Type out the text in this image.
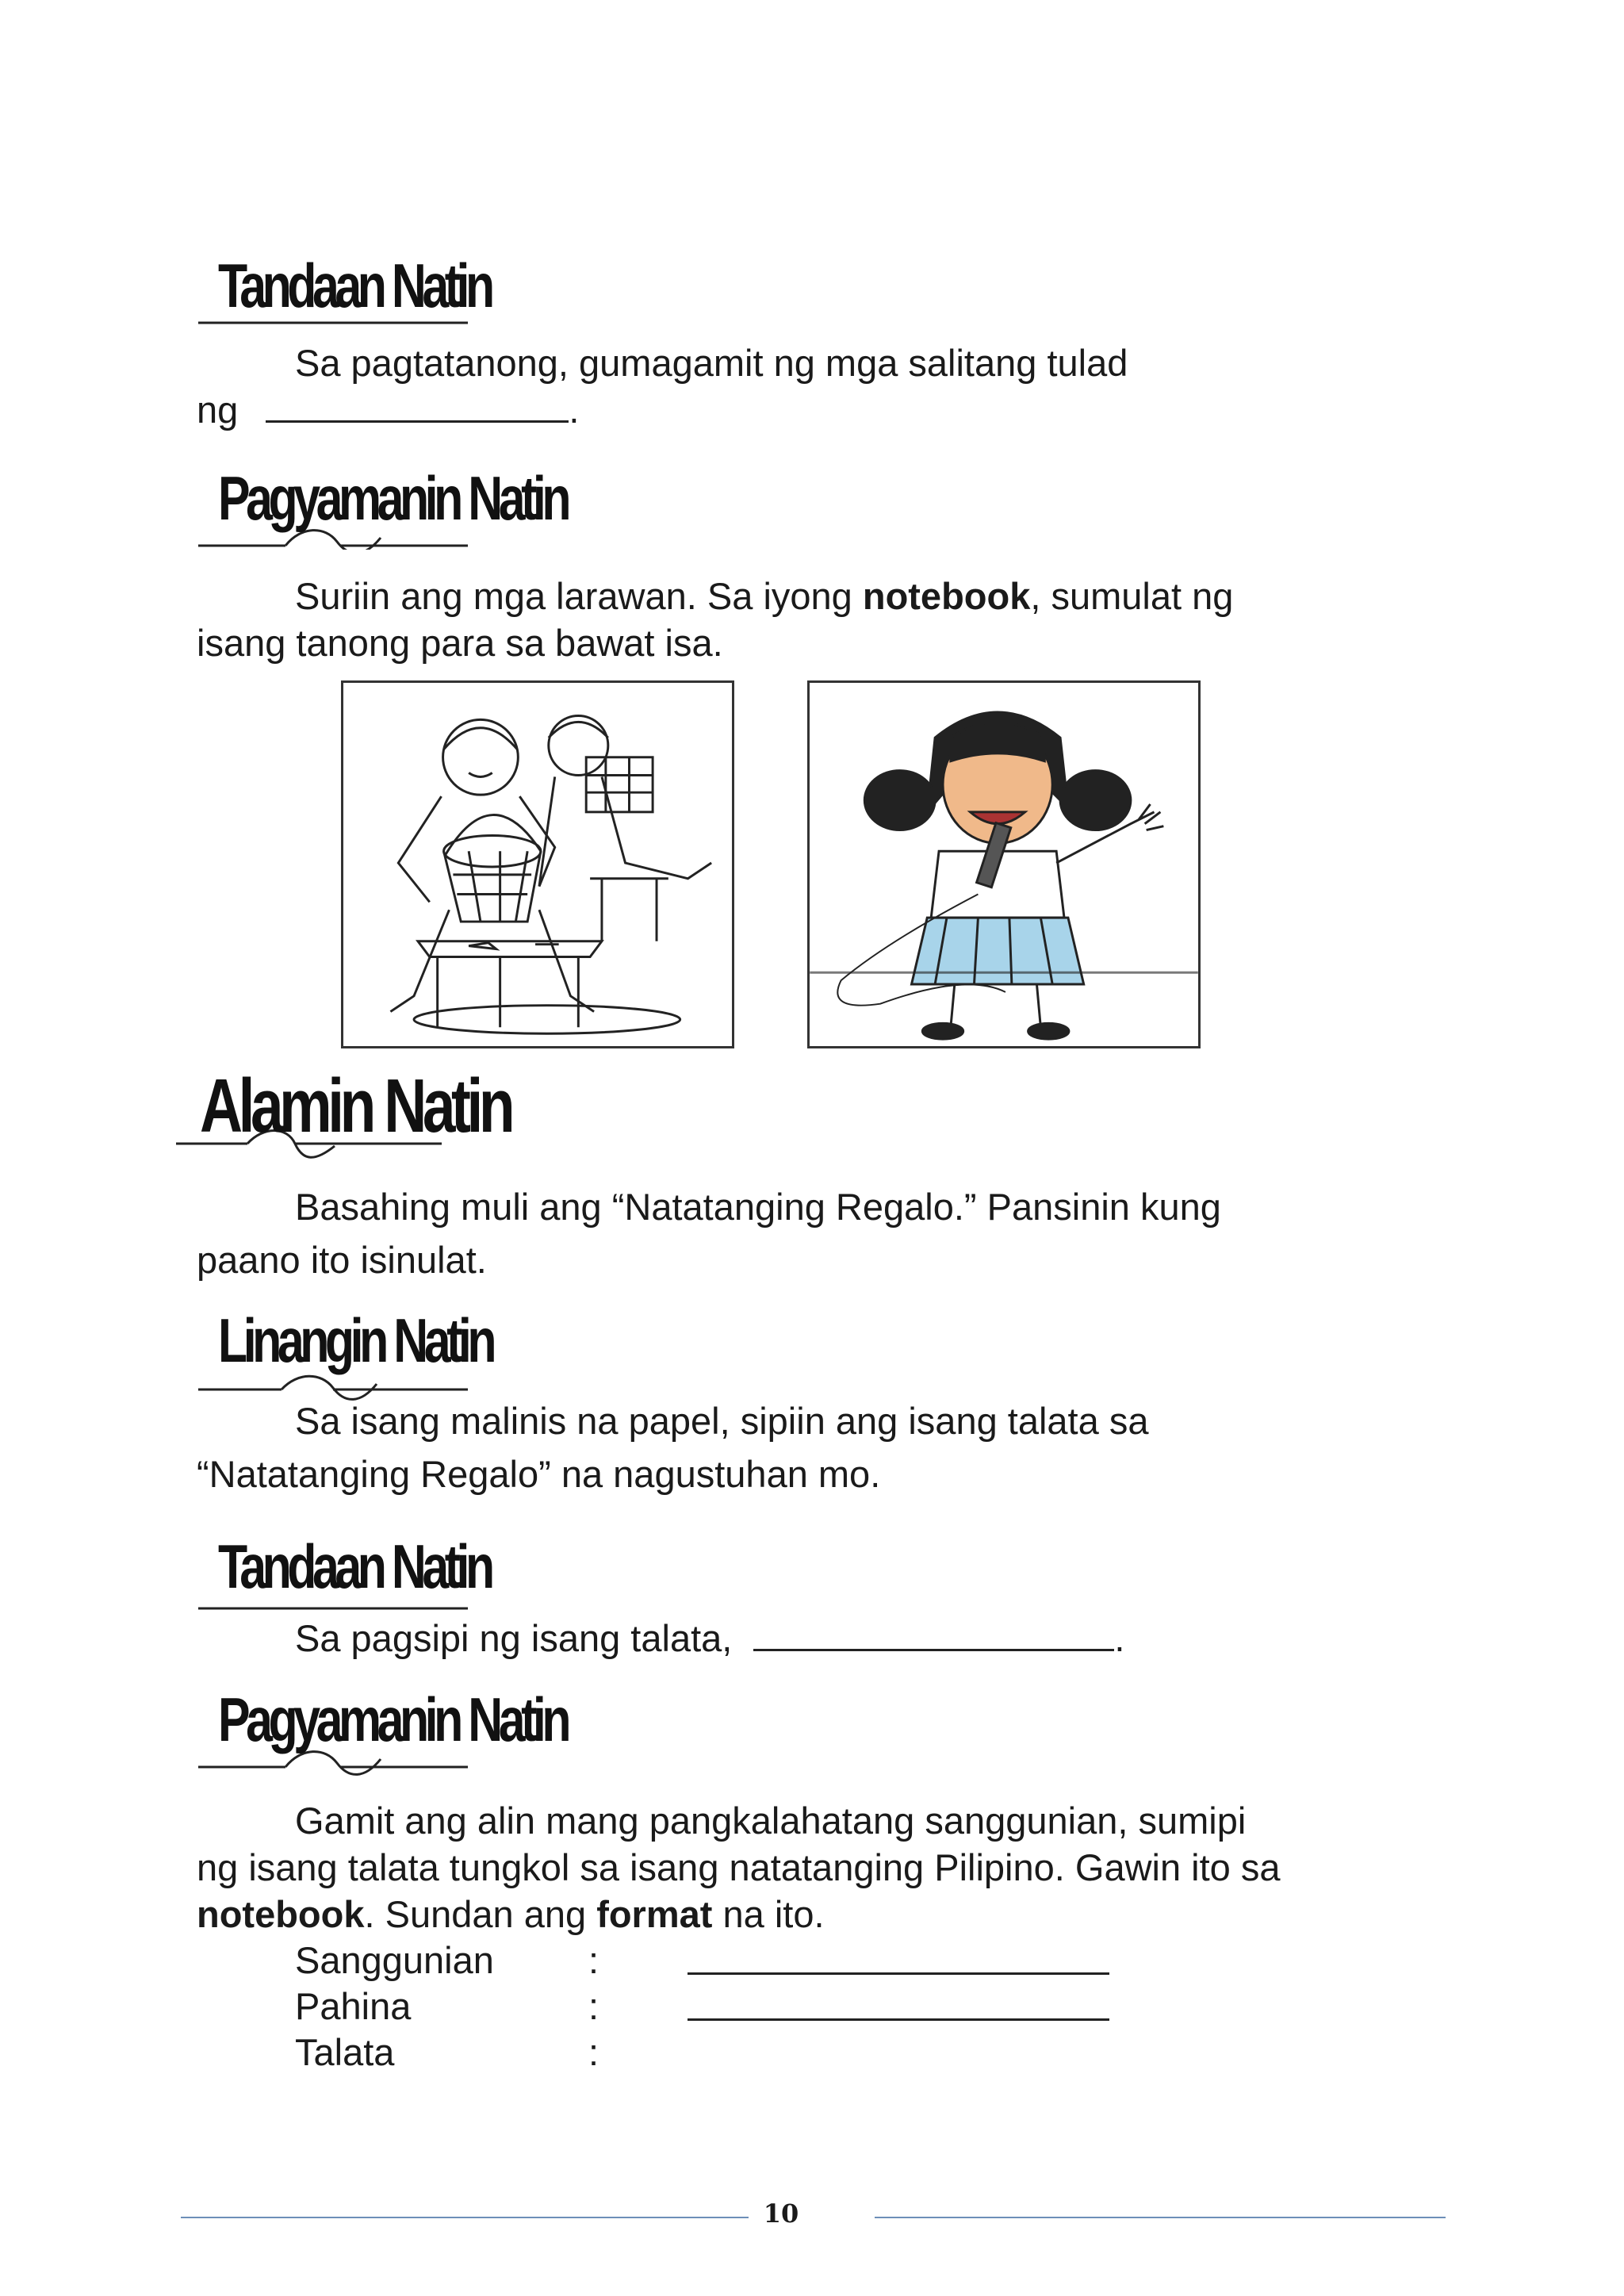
Tandaan Natin
Sa pagtatanong, gumagamit ng mga salitang tulad
ng	.
Pagyamanin Natin
Suriin ang mga larawan. Sa iyong notebook, sumulat ng
isang tanong para sa bawat isa.
Alamin Natin
Basahing muli ang “Natatanging Regalo.” Pansinin kung
paano ito isinulat.
Linangin Natin
Sa isang malinis na papel, sipiin ang isang talata sa
“Natatanging Regalo” na nagustuhan mo.
Tandaan Natin
Sa pagsipi ng isang talata,	.
Pagyamanin Natin
Gamit ang alin mang pangkalahatang sanggunian, sumipi
ng isang talata tungkol sa isang natatanging Pilipino. Gawin ito sa
notebook. Sundan ang format na ito.
Sanggunian	:
Pahina	:
Talata	:
10
